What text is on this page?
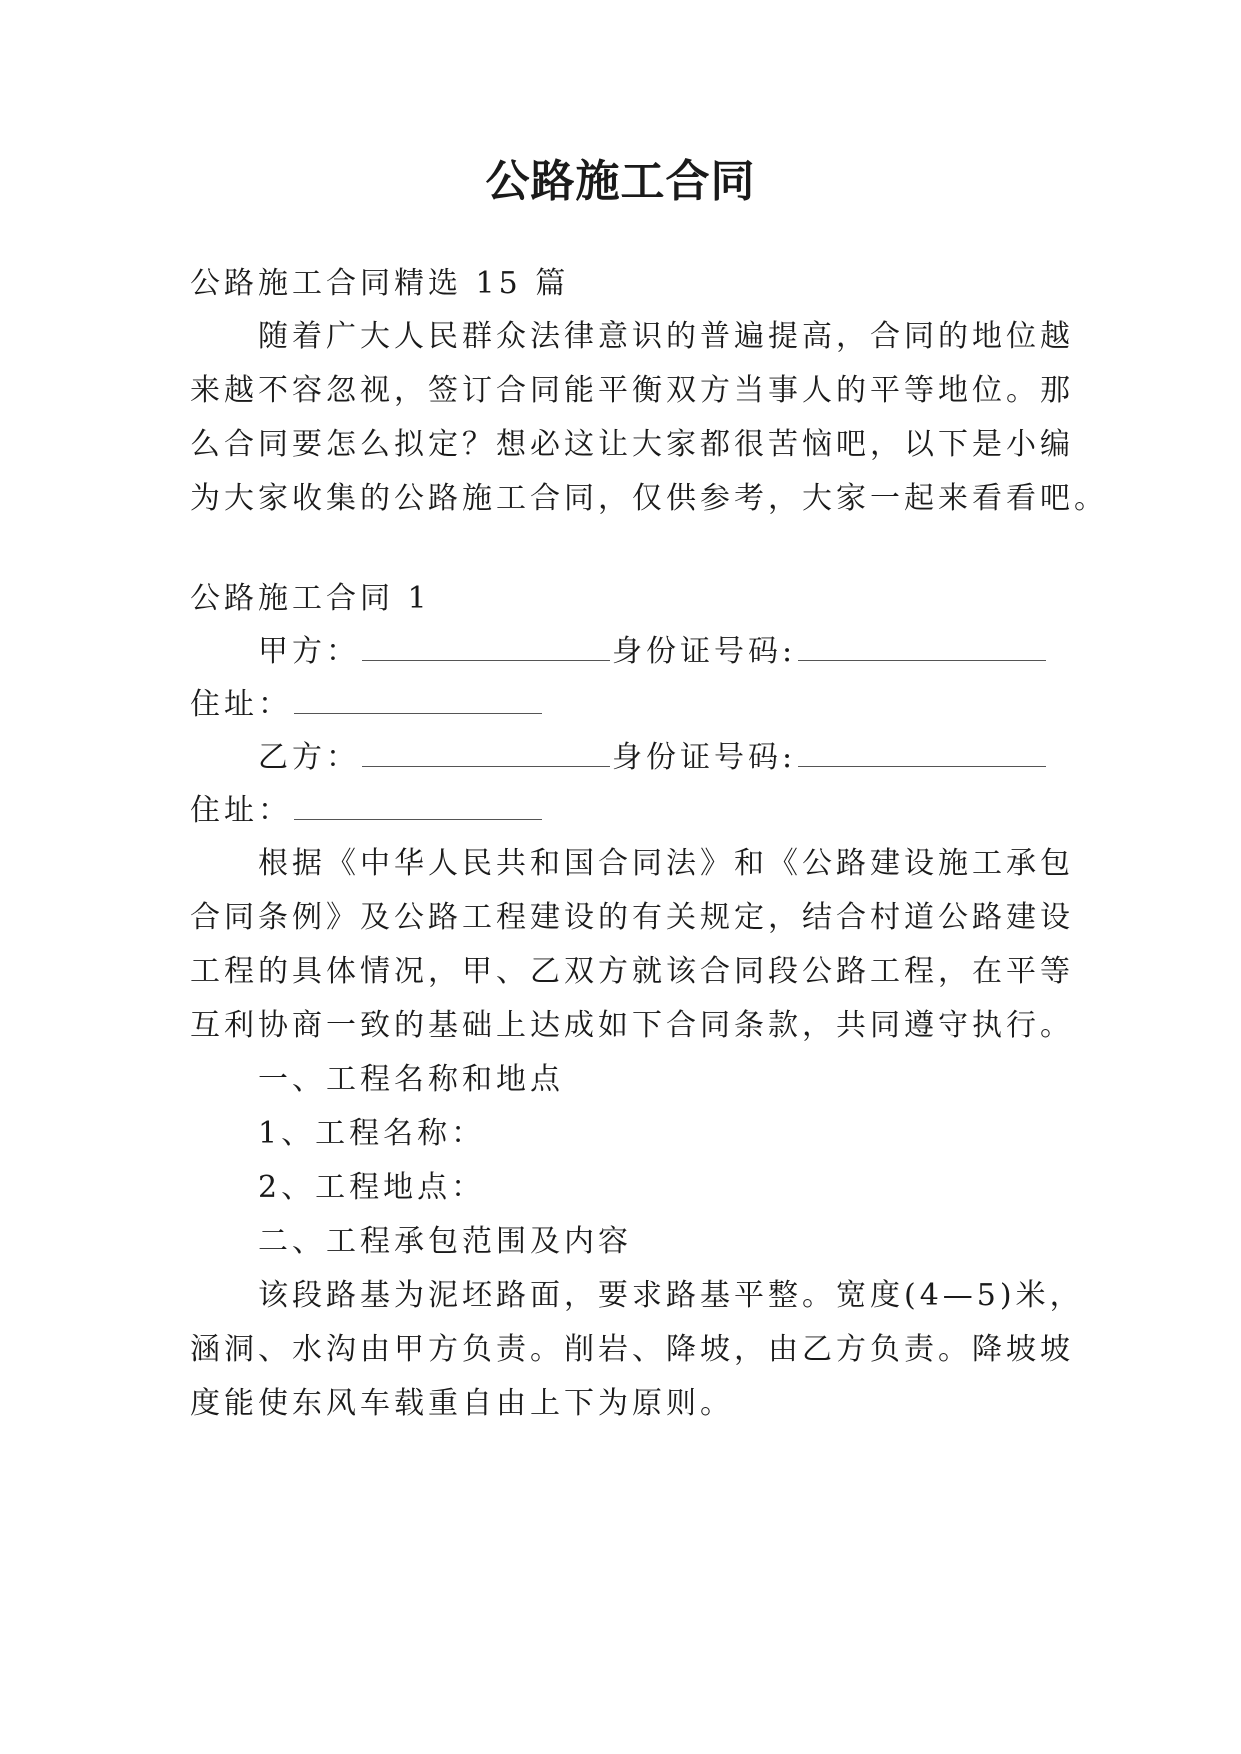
公路施工合同
公路施工合同精选 15 篇
随着广大人民群众法律意识的普遍提高，合同的地位越
来越不容忽视，签订合同能平衡双方当事人的平等地位。那
么合同要怎么拟定？想必这让大家都很苦恼吧，以下是小编
为大家收集的公路施工合同，仅供参考，大家一起来看看吧。
公路施工合同 1
甲方：	身份证号码:
住址：
乙方：	身份证号码:
住址：
根据《中华人民共和国合同法》和《公路建设施工承包
合同条例》及公路工程建设的有关规定，结合村道公路建设
工程的具体情况，甲、乙双方就该合同段公路工程，在平等
互利协商一致的基础上达成如下合同条款，共同遵守执行。
一、工程名称和地点
1、工程名称：
2、工程地点：
二、工程承包范围及内容
该段路基为泥坯路面，要求路基平整。宽度(4—5)米，
涵洞、水沟由甲方负责。削岩、降坡，由乙方负责。降坡坡
度能使东风车载重自由上下为原则。
